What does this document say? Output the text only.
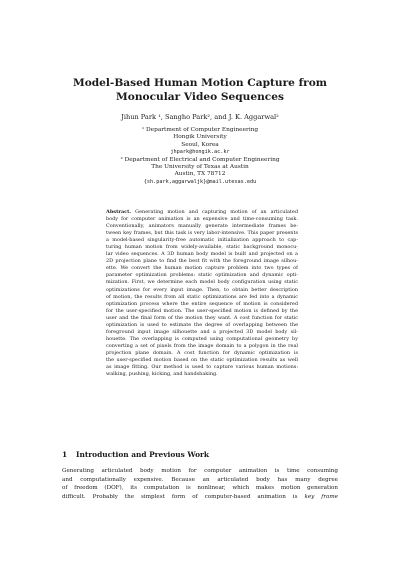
Model-Based Human Motion Capture from
Monocular Video Sequences
Jihun Park ¹, Sangho Park², and J. K. Aggarwal²
¹ Department of Computer Engineering
Hongik University
Seoul, Korea
jhpark@hongik.ac.kr
² Department of Electrical and Computer Engineering
The University of Texas at Austin
Austin, TX 78712
{sh.park,aggarwaljk}@mail.utexas.edu
Abstract. Generating motion and capturing motion of an articulated
body for computer animation is an expensive and time-consuming task.
Conventionally, animators manually generate intermediate frames be-
tween key frames, but this task is very labor-intensive. This paper presents
a model-based singularity-free automatic initialization approach to cap-
turing human motion from widely-available, static background monocu-
lar video sequences. A 3D human body model is built and projected on a
2D projection plane to find the best fit with the foreground image silhou-
ette. We convert the human motion capture problem into two types of
parameter optimization problems: static optimization and dynamic opti-
mization. First, we determine each model body configuration using static
optimizations for every input image. Then, to obtain better description
of motion, the results from all static optimizations are fed into a dynamic
optimization process where the entire sequence of motion is considered
for the user-specified motion. The user-specified motion is defined by the
user and the final form of the motion they want. A cost function for static
optimization is used to estimate the degree of overlapping between the
foreground input image silhouette and a projected 3D model body sil-
houette. The overlapping is computed using computational geometry by
converting a set of pixels from the image domain to a polygon in the real
projection plane domain. A cost function for dynamic optimization is
the user-specified motion based on the static optimization results as well
as image fitting. Our method is used to capture various human motions:
walking, pushing, kicking, and handshaking.
1 Introduction and Previous Work
Generating articulated body motion for computer animation is time consuming
and computationally expensive. Because an articulated body has many degree
of freedom (DOF), its computation is nonlinear, which makes motion generation
difficult. Probably the simplest form of computer-based animation is key frame
